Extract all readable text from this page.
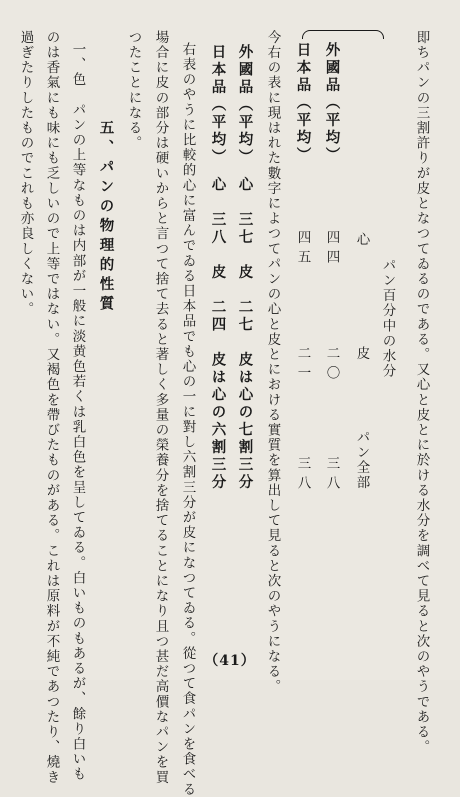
即ちパンの三割許りが皮となつてゐるのである。又心と皮とに於ける水分を調べて見ると次のやうである。
パン百分中の水分
心
皮
パン全部
外國品（平均）
四四
二〇
三八
日本品（平均）
四五
二一
三八
今右の表に現はれた數字によつてパンの心と皮とにおける實質を算出して見ると次のやうになる。
外國品（平均）　心　三七　皮　二七　皮は心の七割三分
日本品（平均）　心　三八　皮　二四　皮は心の六割三分
右表のやうに比較的心に富んでゐる日本品でも心の一に對し六割三分が皮になつてゐる。從つて食パンを食べる
場合に皮の部分は硬いからと言つて捨て去ると著しく多量の榮養分を捨てることになり且つ甚だ高價なパンを買
つたことになる。
五、パンの物理的性質
一、色　パンの上等なものは内部が一般に淡黄色若くは乳白色を呈してゐる。白いものもあるが、餘り白いも
のは香氣にも味にも乏しいので上等ではない。又褐色を帶びたものがある。これは原料が不純であつたり、燒き
過ぎたりしたものでこれも亦良しくない。
（41）
